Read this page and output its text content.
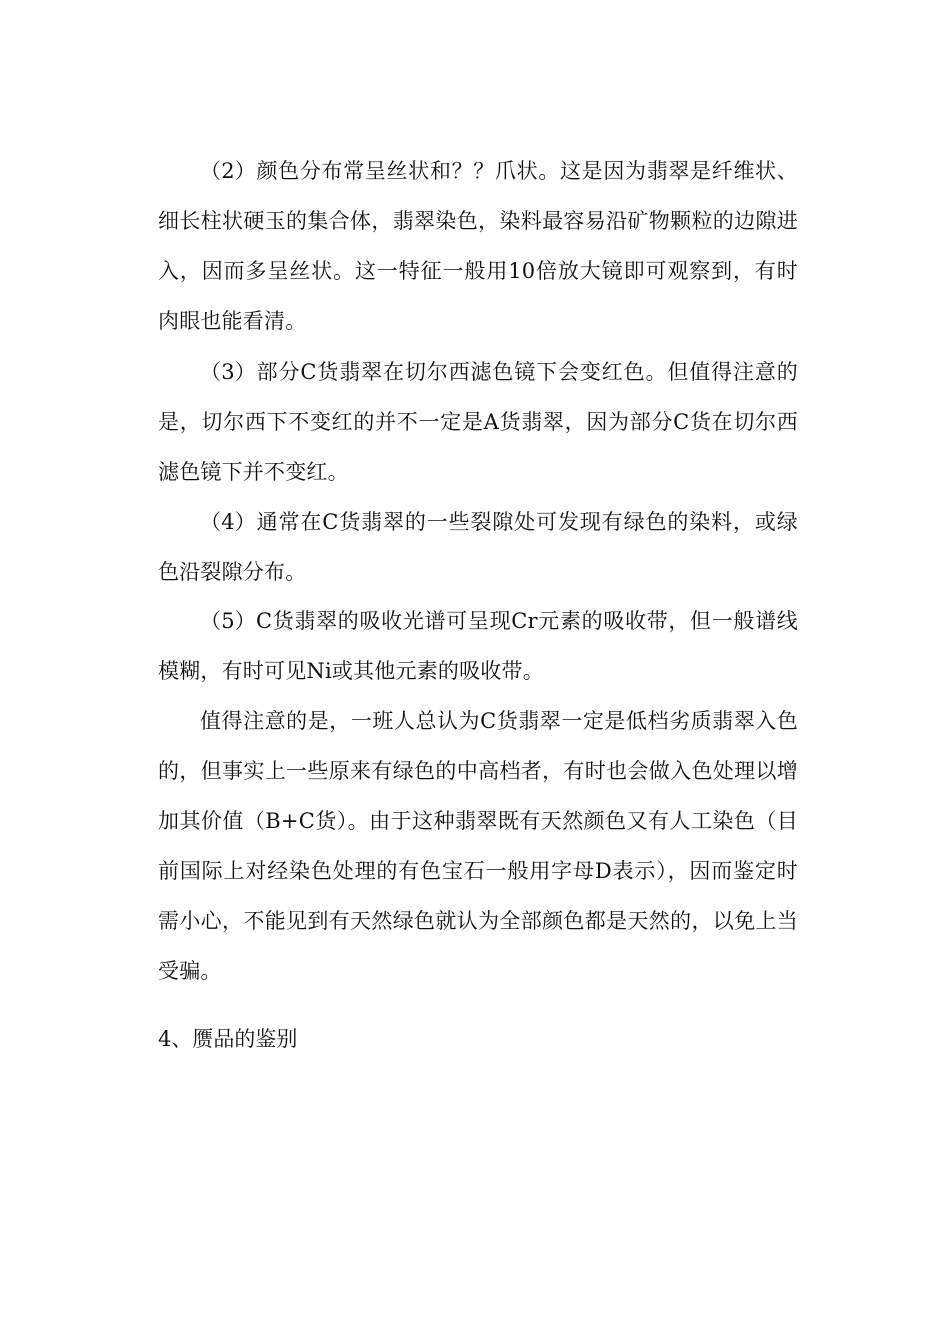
（2）颜色分布常呈丝状和？？爪状。这是因为翡翠是纤维状、细长柱状硬玉的集合体，翡翠染色，染料最容易沿矿物颗粒的边隙进入，因而多呈丝状。这一特征一般用10倍放大镜即可观察到，有时肉眼也能看清。

（3）部分C货翡翠在切尔西滤色镜下会变红色。但值得注意的是，切尔西下不变红的并不一定是A货翡翠，因为部分C货在切尔西滤色镜下并不变红。

（4）通常在C货翡翠的一些裂隙处可发现有绿色的染料，或绿色沿裂隙分布。

（5）C货翡翠的吸收光谱可呈现Cr元素的吸收带，但一般谱线模糊，有时可见Ni或其他元素的吸收带。

值得注意的是，一班人总认为C货翡翠一定是低档劣质翡翠入色的，但事实上一些原来有绿色的中高档者，有时也会做入色处理以增加其价值（B+C货）。由于这种翡翠既有天然颜色又有人工染色（目前国际上对经染色处理的有色宝石一般用字母D表示），因而鉴定时需小心，不能见到有天然绿色就认为全部颜色都是天然的，以免上当受骗。

4、赝品的鉴别
